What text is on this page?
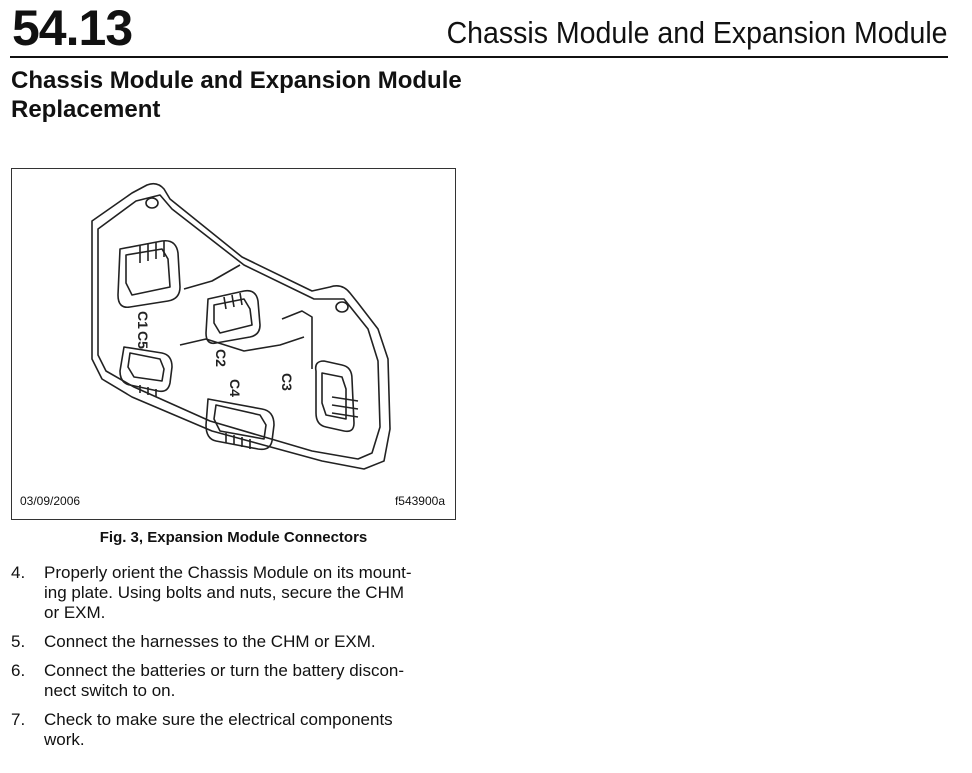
54.13	Chassis Module and Expansion Module
Chassis Module and Expansion Module
Replacement
C1
C5
C2
C4	C3
03/09/2006	f543900a
Fig. 3, Expansion Module Connectors
4. Properly orient the Chassis Module on its mount-
ing plate. Using bolts and nuts, secure the CHM
or EXM.
5. Connect the harnesses to the CHM or EXM.
6. Connect the batteries or turn the battery discon-
nect switch to on.
7. Check to make sure the electrical components
work.
